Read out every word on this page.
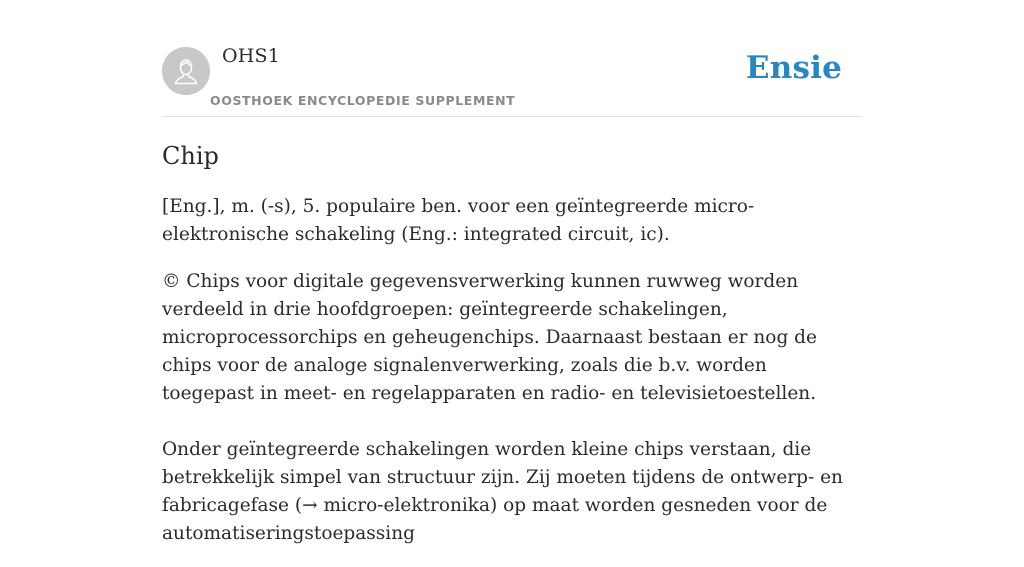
OHS1
OOSTHOEK ENCYCLOPEDIE SUPPLEMENT
Ensie
Chip

[Eng.], m. (-s), 5. populaire ben. voor een geïntegreerde micro-elektronische schakeling (Eng.: integrated circuit, ic).

© Chips voor digitale gegevensverwerking kunnen ruwweg worden verdeeld in drie hoofdgroepen: geïntegreerde schakelingen, microprocessorchips en geheugenchips. Daarnaast bestaan er nog de chips voor de analoge signalenverwerking, zoals die b.v. worden toegepast in meet- en regelapparaten en radio- en televisietoestellen.

Onder geïntegreerde schakelingen worden kleine chips verstaan, die betrekkelijk simpel van structuur zijn. Zij moeten tijdens de ontwerp- en fabricagefase (→ micro-elektronika) op maat worden gesneden voor de automatiseringstoepassing
